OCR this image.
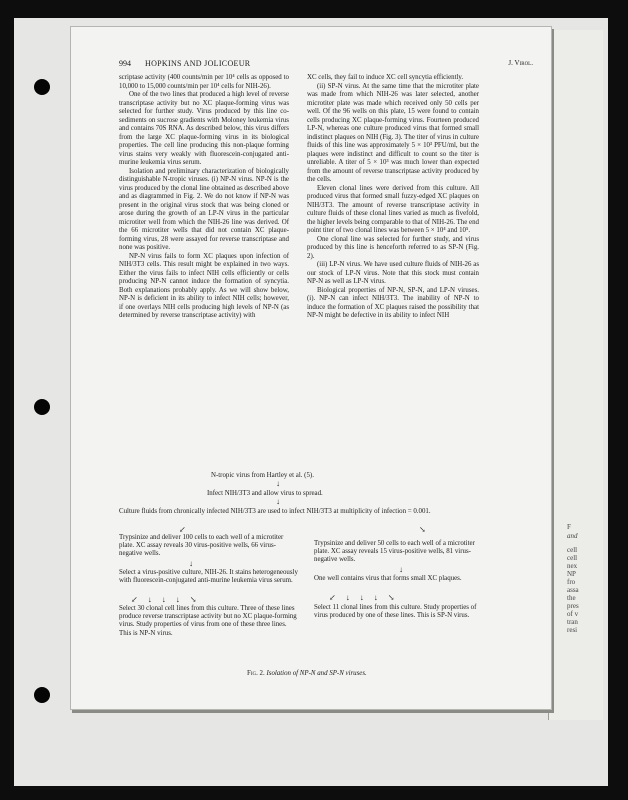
F
and
cell
cell
nex
NP
fro
assa
the
pres
of v
tran
resi
994 HOPKINS AND JOLICOEUR	J. Virol.

scriptase activity (400 counts/min per 10⁴ cells as opposed to 10,000 to 15,000 counts/min per 10⁴ cells for NIH-26).

One of the two lines that produced a high level of reverse transcriptase activity but no XC plaque-forming virus was selected for further study. Virus produced by this line co-sediments on sucrose gradients with Moloney leukemia virus and contains 70S RNA. As described below, this virus differs from the large XC plaque-forming virus in its biological properties. The cell line producing this non-plaque forming virus stains very weakly with fluorescein-conjugated anti-murine leukemia virus serum.

Isolation and preliminary characterization of biologically distinguishable N-tropic viruses. (i) NP-N virus. NP-N is the virus produced by the clonal line obtained as described above and as diagrammed in Fig. 2. We do not know if NP-N was present in the original virus stock that was being cloned or arose during the growth of an LP-N virus in the particular microtiter well from which the NIH-26 line was derived. Of the 66 microtiter wells that did not contain XC plaque-forming virus, 28 were assayed for reverse transcriptase and none was positive.

NP-N virus fails to form XC plaques upon infection of NIH/3T3 cells. This result might be explained in two ways. Either the virus fails to infect NIH cells efficiently or cells producing NP-N cannot induce the formation of syncytia. Both explanations probably apply. As we will show below, NP-N is deficient in its ability to infect NIH cells; however, if one overlays NIH cells producing high levels of NP-N (as determined by reverse transcriptase activity) with

XC cells, they fail to induce XC cell syncytia efficiently.

(ii) SP-N virus. At the same time that the microtiter plate was made from which NIH-26 was later selected, another microtiter plate was made which received only 50 cells per well. Of the 96 wells on this plate, 15 were found to contain cells producing XC plaque-forming virus. Fourteen produced LP-N, whereas one culture produced virus that formed small indistinct plaques on NIH (Fig. 3). The titer of virus in culture fluids of this line was approximately 5 × 10³ PFU/ml, but the plaques were indistinct and difficult to count so the titer is unreliable. A titer of 5 × 10³ was much lower than expected from the amount of reverse transcriptase activity produced by the cells.

Eleven clonal lines were derived from this culture. All produced virus that formed small fuzzy-edged XC plaques on NIH/3T3. The amount of reverse transcriptase activity in culture fluids of these clonal lines varied as much as fivefold, the higher levels being comparable to that of NIH-26. The end point titer of two clonal lines was between 5 × 10⁴ and 10⁵.

One clonal line was selected for further study, and virus produced by this line is henceforth referred to as SP-N (Fig. 2).

(iii) LP-N virus. We have used culture fluids of NIH-26 as our stock of LP-N virus. Note that this stock must contain NP-N as well as LP-N virus.

Biological properties of NP-N, SP-N, and LP-N viruses. (i). NP-N can infect NIH/3T3. The inability of NP-N to induce the formation of XC plaques raised the possibility that NP-N might be defective in its ability to infect NIH

N-tropic virus from Hartley et al. (5).
↓
Infect NIH/3T3 and allow virus to spread.
↓
Culture fluids from chronically infected NIH/3T3 are used to infect NIH/3T3 at multiplicity of infection = 0.001.
↙	↘
Trypsinize and deliver 100 cells to each well of a microtiter plate. XC assay reveals 30 virus-positive wells, 66 virus-negative wells.
↓
Select a virus-positive culture, NIH-26. It stains heterogeneously with fluorescein-conjugated anti-murine leukemia virus serum.
↙↓↓↓↘
Select 30 clonal cell lines from this culture. Three of these lines produce reverse transcriptase activity but no XC plaque-forming virus. Study properties of virus from one of these three lines. This is NP-N virus.
Trypsinize and deliver 50 cells to each well of a microtiter plate. XC assay reveals 15 virus-positive wells, 81 virus-negative wells.
↓
One well contains virus that forms small XC plaques.
↙↓↓↓↘
Select 11 clonal lines from this culture. Study properties of virus produced by one of these lines. This is SP-N virus.
Fig. 2. Isolation of NP-N and SP-N viruses.
